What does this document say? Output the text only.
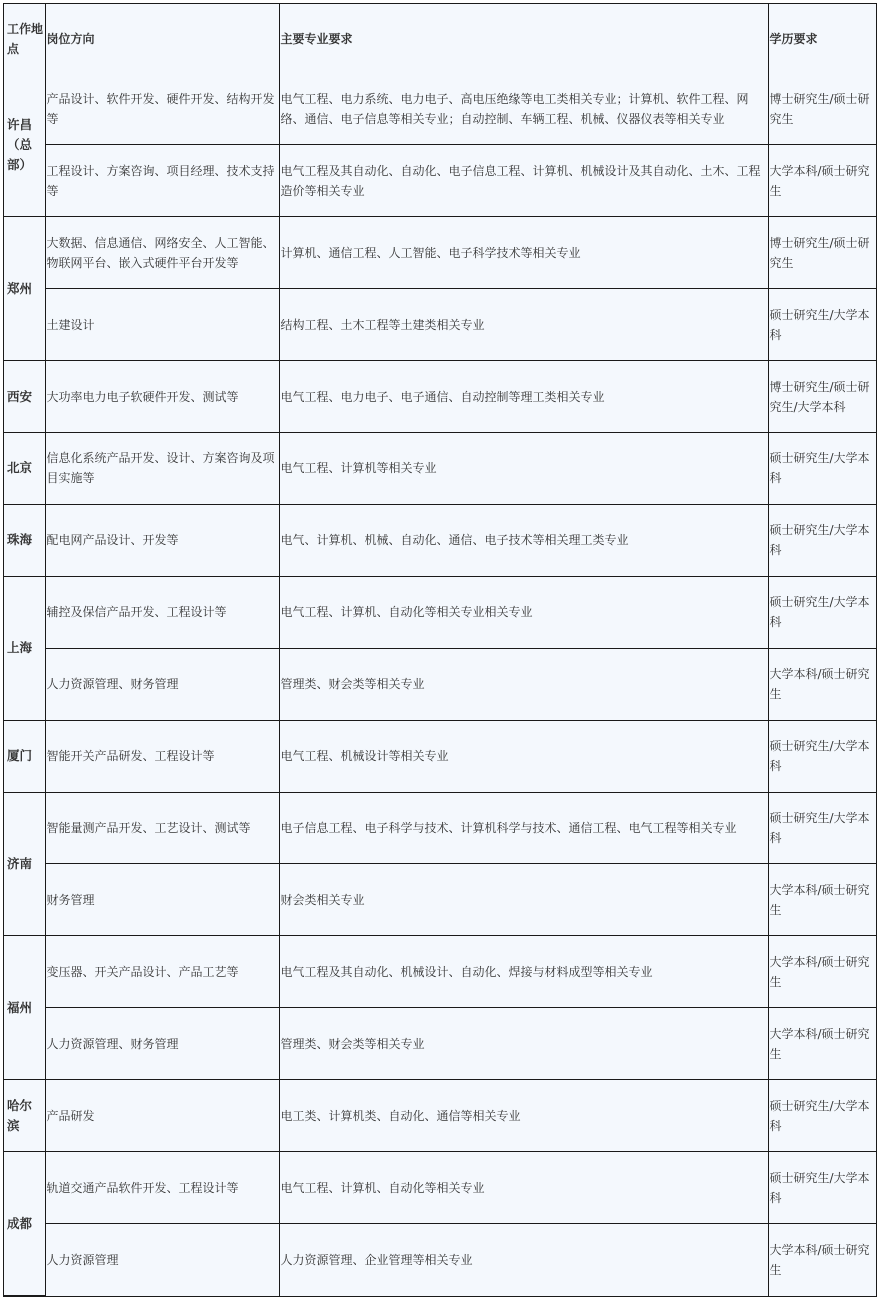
工作地点	岗位方向	主要专业要求	学历要求
许昌（总部）	产品设计、软件开发、硬件开发、结构开发等	电气工程、电力系统、电力电子、高电压绝缘等电工类相关专业；计算机、软件工程、网络、通信、电子信息等相关专业；自动控制、车辆工程、机械、仪器仪表等相关专业	博士研究生/硕士研究生
	工程设计、方案咨询、项目经理、技术支持等	电气工程及其自动化、自动化、电子信息工程、计算机、机械设计及其自动化、土木、工程造价等相关专业	大学本科/硕士研究生
郑州	大数据、信息通信、网络安全、人工智能、物联网平台、嵌入式硬件平台开发等	计算机、通信工程、人工智能、电子科学技术等相关专业	博士研究生/硕士研究生
	土建设计	结构工程、土木工程等土建类相关专业	硕士研究生/大学本科
西安	大功率电力电子软硬件开发、测试等	电气工程、电力电子、电子通信、自动控制等理工类相关专业	博士研究生/硕士研究生/大学本科
北京	信息化系统产品开发、设计、方案咨询及项目实施等	电气工程、计算机等相关专业	硕士研究生/大学本科
珠海	配电网产品设计、开发等	电气、计算机、机械、自动化、通信、电子技术等相关理工类专业	硕士研究生/大学本科
上海	辅控及保信产品开发、工程设计等	电气工程、计算机、自动化等相关专业相关专业	硕士研究生/大学本科
	人力资源管理、财务管理	管理类、财会类等相关专业	大学本科/硕士研究生
厦门	智能开关产品研发、工程设计等	电气工程、机械设计等相关专业	硕士研究生/大学本科
济南	智能量测产品开发、工艺设计、测试等	电子信息工程、电子科学与技术、计算机科学与技术、通信工程、电气工程等相关专业	硕士研究生/大学本科
	财务管理	财会类相关专业	大学本科/硕士研究生
福州	变压器、开关产品设计、产品工艺等	电气工程及其自动化、机械设计、自动化、焊接与材料成型等相关专业	大学本科/硕士研究生
	人力资源管理、财务管理	管理类、财会类等相关专业	大学本科/硕士研究生
哈尔滨	产品研发	电工类、计算机类、自动化、通信等相关专业	硕士研究生/大学本科
成都	轨道交通产品软件开发、工程设计等	电气工程、计算机、自动化等相关专业	硕士研究生/大学本科
	人力资源管理	人力资源管理、企业管理等相关专业	大学本科/硕士研究生
